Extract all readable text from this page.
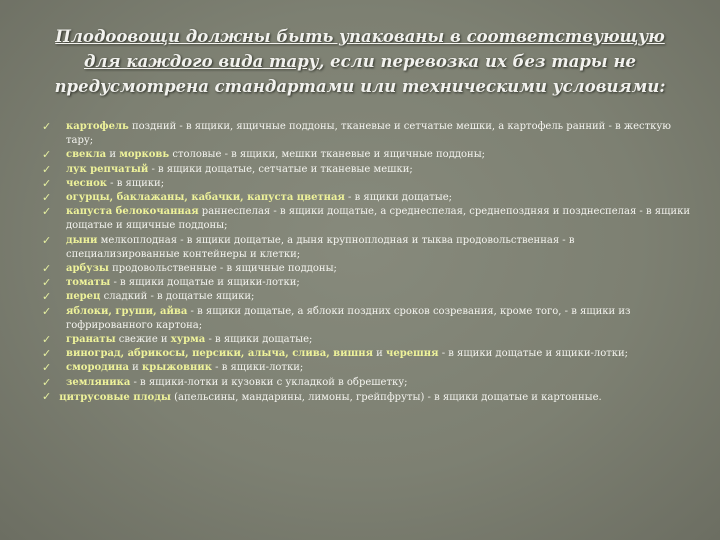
Плодоовощи должны быть упакованы в соответствующую
для каждого вида тару, если перевозка их без тары не
предусмотрена стандартами или техническими условиями:
✓ картофель поздний - в ящики, ящичные поддоны, тканевые и сетчатые мешки, а картофель ранний - в жесткую тару;
✓ свекла и морковь столовые - в ящики, мешки тканевые и ящичные поддоны;
✓ лук репчатый - в ящики дощатые, сетчатые и тканевые мешки;
✓ чеснок - в ящики;
✓ огурцы, баклажаны, кабачки, капуста цветная - в ящики дощатые;
✓ капуста белокочанная раннеспелая - в ящики дощатые, а среднеспелая, среднепоздняя и позднеспелая - в ящики дощатые и ящичные поддоны;
✓ дыни мелкоплодная - в ящики дощатые, а дыня крупноплодная и тыква продовольственная - в специализированные контейнеры и клетки;
✓ арбузы продовольственные - в ящичные поддоны;
✓ томаты - в ящики дощатые и ящики-лотки;
✓ перец сладкий - в дощатые ящики;
✓ яблоки, груши, айва - в ящики дощатые, а яблоки поздних сроков созревания, кроме того, - в ящики из гофрированного картона;
✓ гранаты свежие и хурма - в ящики дощатые;
✓ виноград, абрикосы, персики, алыча, слива, вишня и черешня - в ящики дощатые и ящики-лотки;
✓ смородина и крыжовник - в ящики-лотки;
✓ земляника - в ящики-лотки и кузовки с укладкой в обрешетку;
✓ цитрусовые плоды (апельсины, мандарины, лимоны, грейпфруты) - в ящики дощатые и картонные.
